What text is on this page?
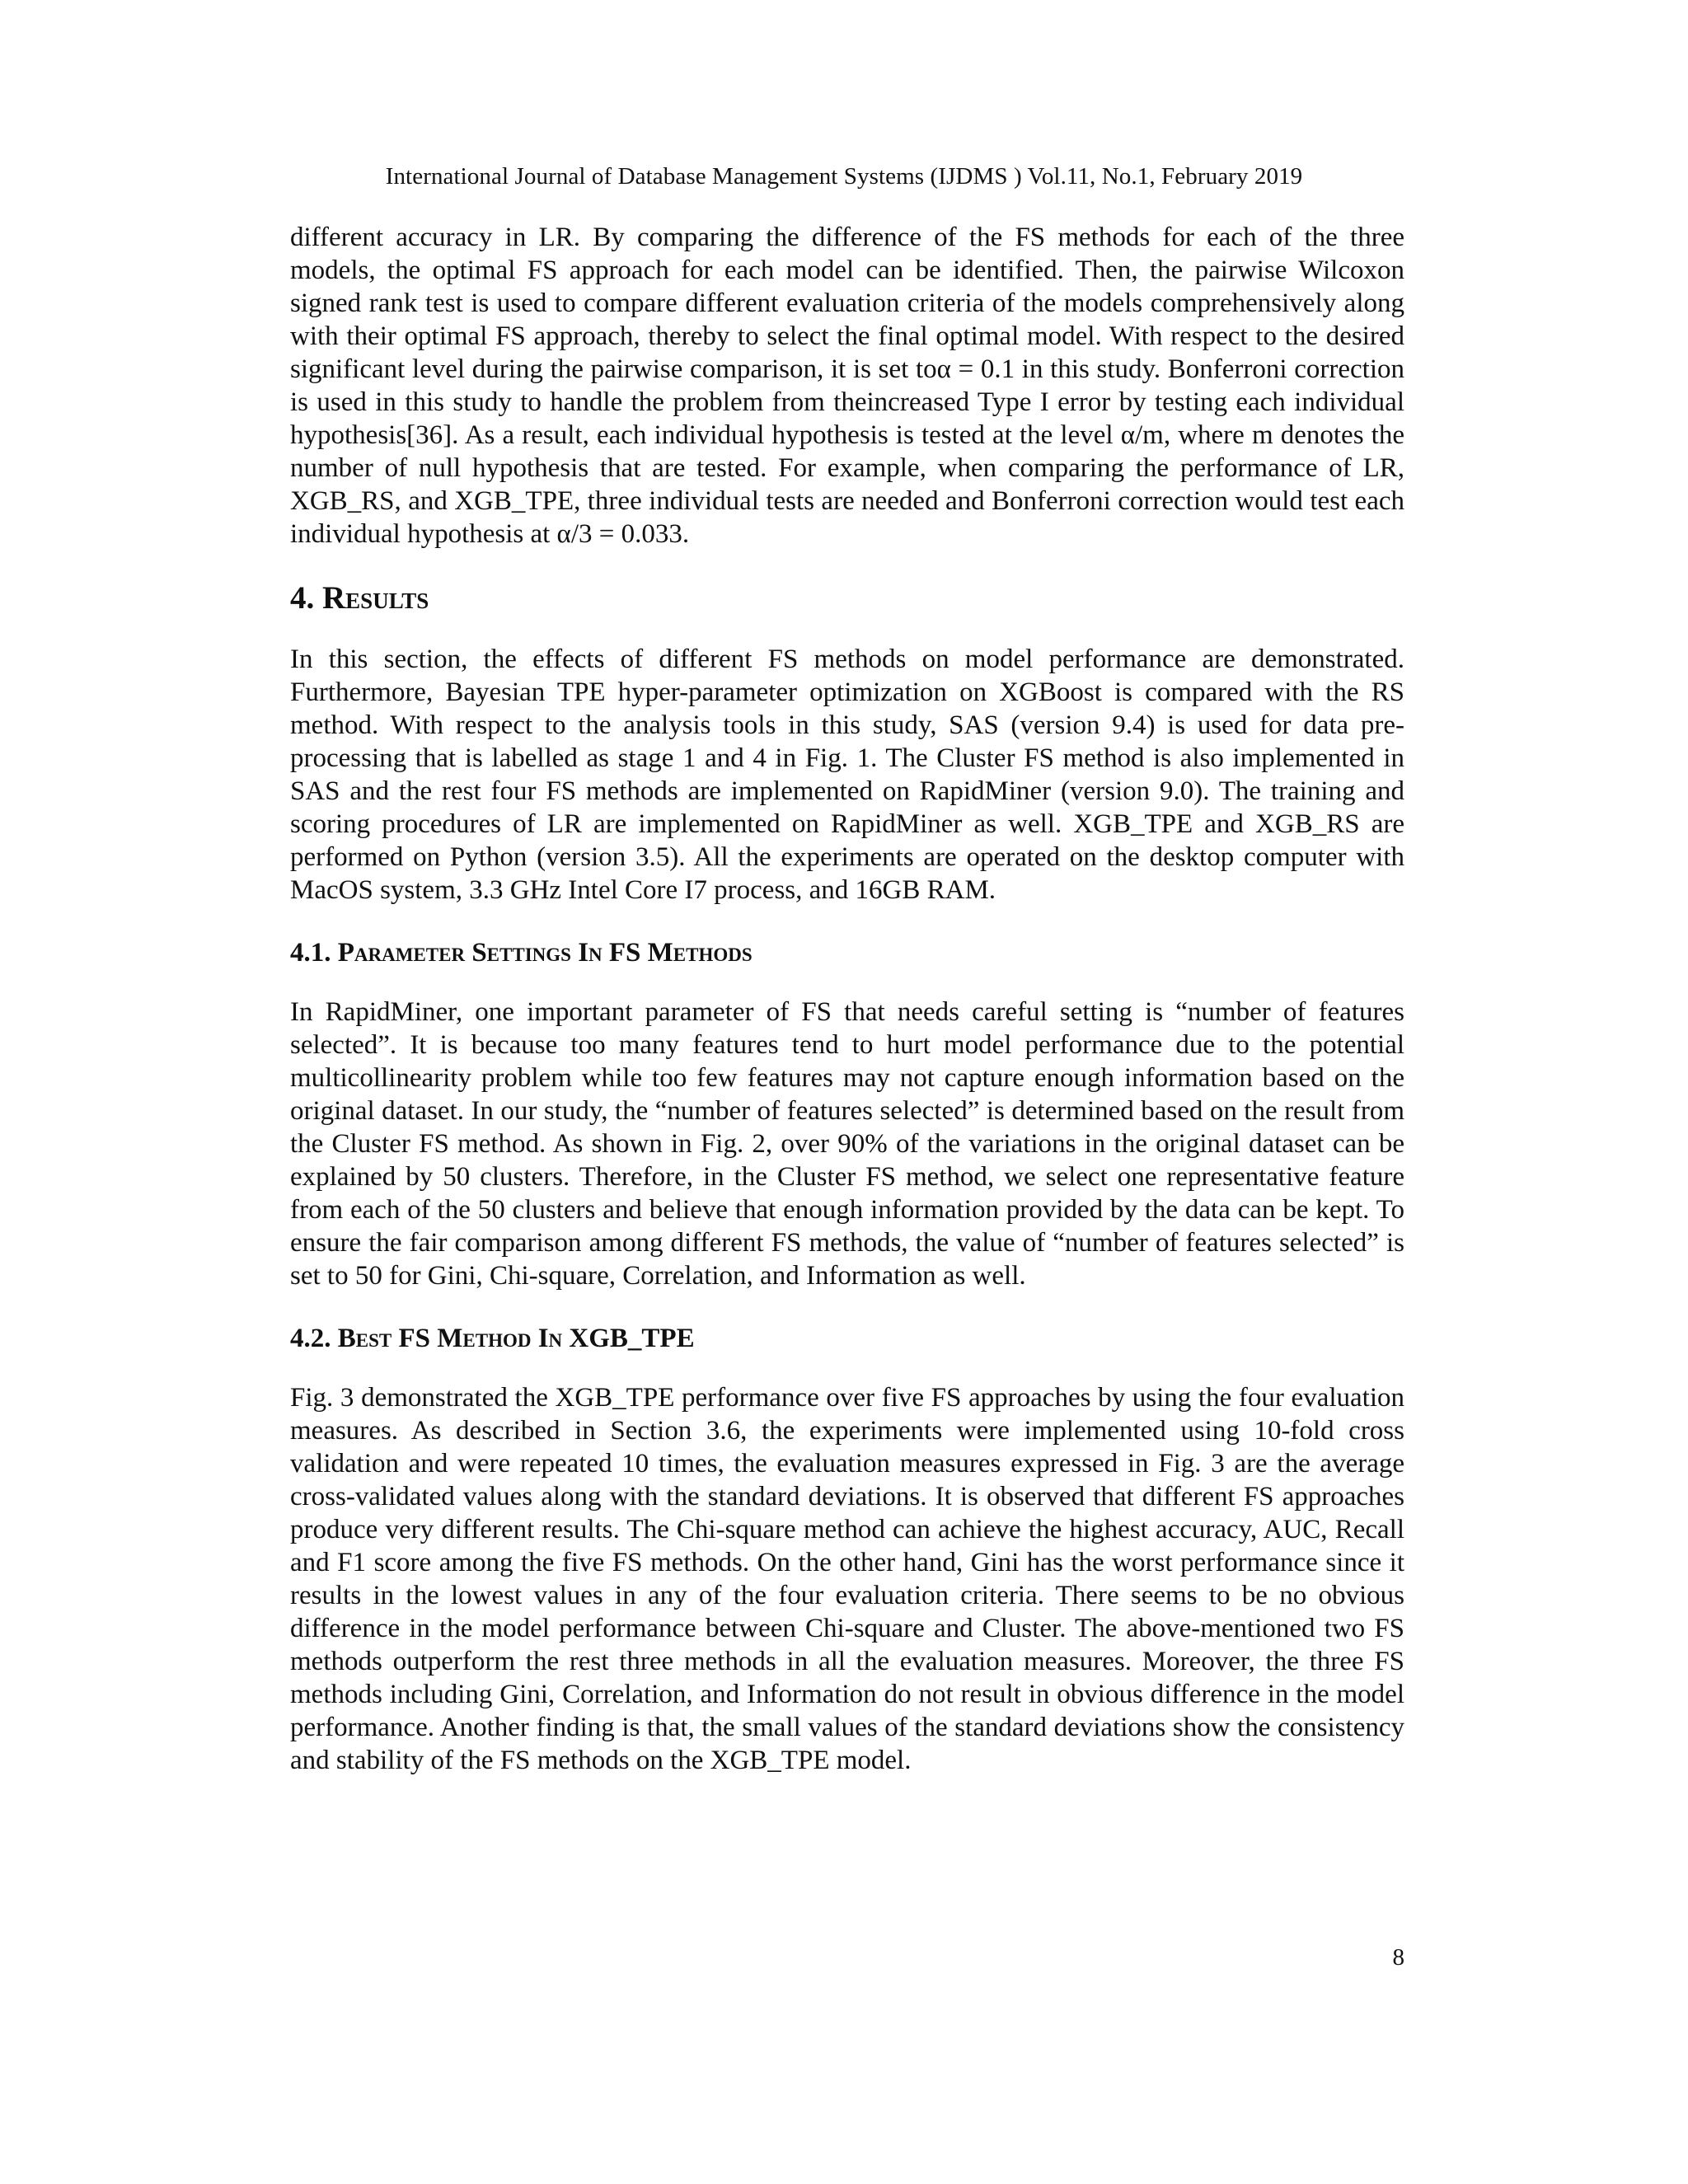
International Journal of Database Management Systems (IJDMS ) Vol.11, No.1, February 2019

different accuracy in LR. By comparing the difference of the FS methods for each of the three models, the optimal FS approach for each model can be identified. Then, the pairwise Wilcoxon signed rank test is used to compare different evaluation criteria of the models comprehensively along with their optimal FS approach, thereby to select the final optimal model. With respect to the desired significant level during the pairwise comparison, it is set toα = 0.1 in this study. Bonferroni correction is used in this study to handle the problem from theincreased Type I error by testing each individual hypothesis[36]. As a result, each individual hypothesis is tested at the level α/m, where m denotes the number of null hypothesis that are tested. For example, when comparing the performance of LR, XGB_RS, and XGB_TPE, three individual tests are needed and Bonferroni correction would test each individual hypothesis at α/3 = 0.033.

4. Results

In this section, the effects of different FS methods on model performance are demonstrated. Furthermore, Bayesian TPE hyper-parameter optimization on XGBoost is compared with the RS method. With respect to the analysis tools in this study, SAS (version 9.4) is used for data pre-processing that is labelled as stage 1 and 4 in Fig. 1. The Cluster FS method is also implemented in SAS and the rest four FS methods are implemented on RapidMiner (version 9.0). The training and scoring procedures of LR are implemented on RapidMiner as well. XGB_TPE and XGB_RS are performed on Python (version 3.5). All the experiments are operated on the desktop computer with MacOS system, 3.3 GHz Intel Core I7 process, and 16GB RAM.

4.1. Parameter Settings In FS Methods

In RapidMiner, one important parameter of FS that needs careful setting is “number of features selected”. It is because too many features tend to hurt model performance due to the potential multicollinearity problem while too few features may not capture enough information based on the original dataset. In our study, the “number of features selected” is determined based on the result from the Cluster FS method. As shown in Fig. 2, over 90% of the variations in the original dataset can be explained by 50 clusters. Therefore, in the Cluster FS method, we select one representative feature from each of the 50 clusters and believe that enough information provided by the data can be kept. To ensure the fair comparison among different FS methods, the value of “number of features selected” is set to 50 for Gini, Chi-square, Correlation, and Information as well.

4.2. Best FS Method In XGB_TPE

Fig. 3 demonstrated the XGB_TPE performance over five FS approaches by using the four evaluation measures. As described in Section 3.6, the experiments were implemented using 10-fold cross validation and were repeated 10 times, the evaluation measures expressed in Fig. 3 are the average cross-validated values along with the standard deviations. It is observed that different FS approaches produce very different results. The Chi-square method can achieve the highest accuracy, AUC, Recall and F1 score among the five FS methods. On the other hand, Gini has the worst performance since it results in the lowest values in any of the four evaluation criteria. There seems to be no obvious difference in the model performance between Chi-square and Cluster. The above-mentioned two FS methods outperform the rest three methods in all the evaluation measures. Moreover, the three FS methods including Gini, Correlation, and Information do not result in obvious difference in the model performance. Another finding is that, the small values of the standard deviations show the consistency and stability of the FS methods on the XGB_TPE model.

8
